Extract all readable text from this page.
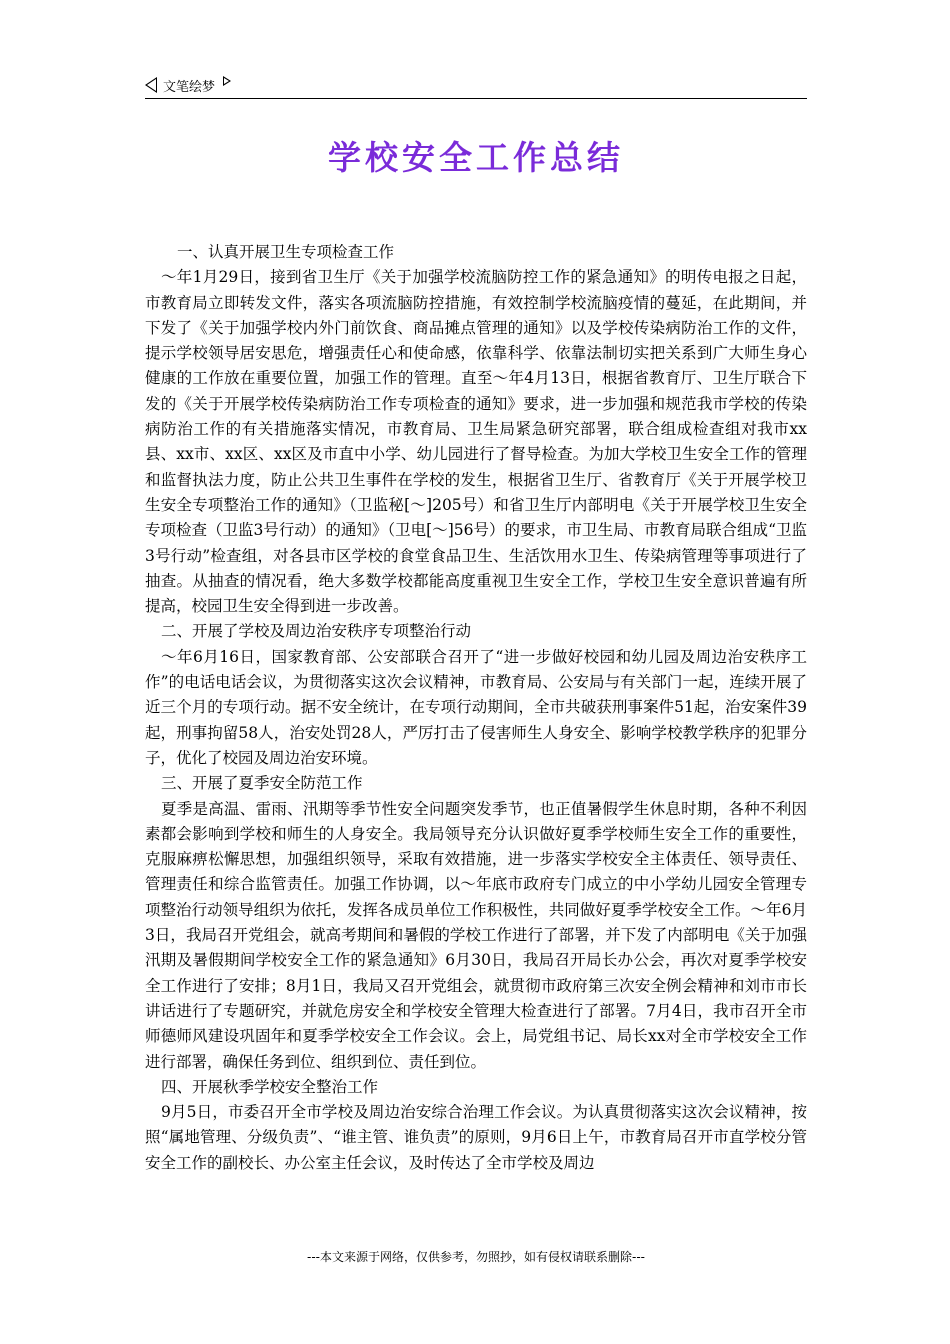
文笔绘梦
学校安全工作总结

一、认真开展卫生专项检查工作

～年1月29日，接到省卫生厅《关于加强学校流脑防控工作的紧急通知》的明传电报之日起，市教育局立即转发文件，落实各项流脑防控措施，有效控制学校流脑疫情的蔓延，在此期间，并下发了《关于加强学校内外门前饮食、商品摊点管理的通知》以及学校传染病防治工作的文件，提示学校领导居安思危，增强责任心和使命感，依靠科学、依靠法制切实把关系到广大师生身心健康的工作放在重要位置，加强工作的管理。直至～年4月13日，根据省教育厅、卫生厅联合下发的《关于开展学校传染病防治工作专项检查的通知》要求，进一步加强和规范我市学校的传染病防治工作的有关措施落实情况，市教育局、卫生局紧急研究部署，联合组成检查组对我市xx县、xx市、xx区、xx区及市直中小学、幼儿园进行了督导检查。为加大学校卫生安全工作的管理和监督执法力度，防止公共卫生事件在学校的发生，根据省卫生厅、省教育厅《关于开展学校卫生安全专项整治工作的通知》（卫监秘[～]205号）和省卫生厅内部明电《关于开展学校卫生安全专项检查（卫监3号行动）的通知》（卫电[～]56号）的要求，市卫生局、市教育局联合组成“卫监3号行动”检查组，对各县市区学校的食堂食品卫生、生活饮用水卫生、传染病管理等事项进行了抽查。从抽查的情况看，绝大多数学校都能高度重视卫生安全工作，学校卫生安全意识普遍有所提高，校园卫生安全得到进一步改善。

二、开展了学校及周边治安秩序专项整治行动

～年6月16日，国家教育部、公安部联合召开了“进一步做好校园和幼儿园及周边治安秩序工作”的电话电话会议，为贯彻落实这次会议精神，市教育局、公安局与有关部门一起，连续开展了近三个月的专项行动。据不安全统计，在专项行动期间，全市共破获刑事案件51起，治安案件39起，刑事拘留58人，治安处罚28人，严厉打击了侵害师生人身安全、影响学校教学秩序的犯罪分子，优化了校园及周边治安环境。

三、开展了夏季安全防范工作

夏季是高温、雷雨、汛期等季节性安全问题突发季节，也正值暑假学生休息时期，各种不利因素都会影响到学校和师生的人身安全。我局领导充分认识做好夏季学校师生安全工作的重要性，克服麻痹松懈思想，加强组织领导，采取有效措施，进一步落实学校安全主体责任、领导责任、管理责任和综合监管责任。加强工作协调，以～年底市政府专门成立的中小学幼儿园安全管理专项整治行动领导组织为依托，发挥各成员单位工作积极性，共同做好夏季学校安全工作。～年6月3日，我局召开党组会，就高考期间和暑假的学校工作进行了部署，并下发了内部明电《关于加强汛期及暑假期间学校安全工作的紧急通知》6月30日，我局召开局长办公会，再次对夏季学校安全工作进行了安排；8月1日，我局又召开党组会，就贯彻市政府第三次安全例会精神和刘市市长讲话进行了专题研究，并就危房安全和学校安全管理大检查进行了部署。7月4日，我市召开全市师德师风建设巩固年和夏季学校安全工作会议。会上，局党组书记、局长xx对全市学校安全工作进行部署，确保任务到位、组织到位、责任到位。

四、开展秋季学校安全整治工作

9月5日，市委召开全市学校及周边治安综合治理工作会议。为认真贯彻落实这次会议精神，按照“属地管理、分级负责”、“谁主管、谁负责”的原则，9月6日上午，市教育局召开市直学校分管安全工作的副校长、办公室主任会议，及时传达了全市学校及周边

---本文来源于网络，仅供参考，勿照抄，如有侵权请联系删除---
